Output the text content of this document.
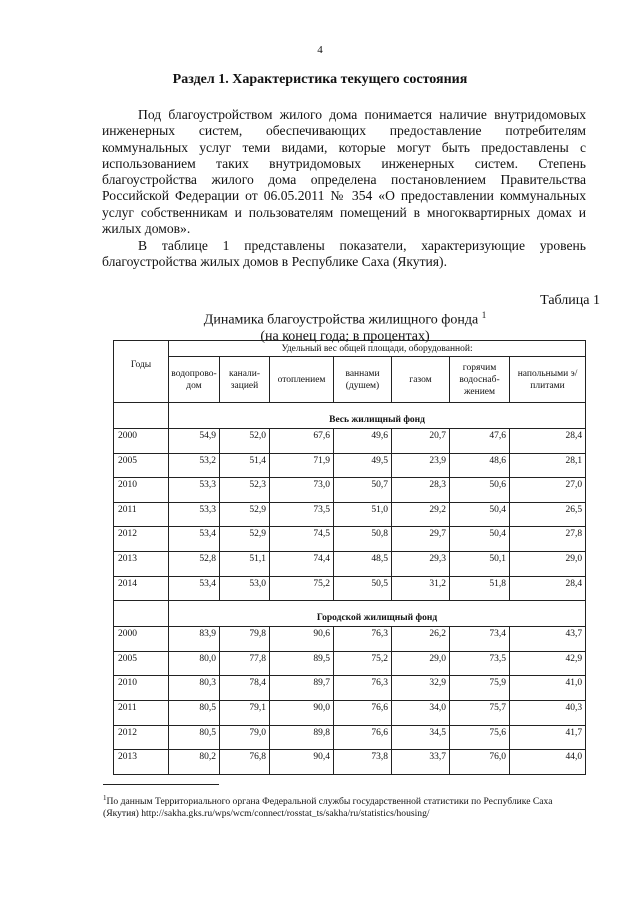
4
Раздел 1. Характеристика текущего состояния

Под благоустройством жилого дома понимается наличие внутридомовых инженерных систем, обеспечивающих предоставление потребителям коммунальных услуг теми видами, которые могут быть предоставлены с использованием таких внутридомовых инженерных систем. Степень благоустройства жилого дома определена постановлением Правительства Российской Федерации от 06.05.2011 № 354 «О предоставлении коммунальных услуг собственникам и пользователям помещений в многоквартирных домах и жилых домов».

В таблице 1 представлены показатели, характеризующие уровень благоустройства жилых домов в Республике Саха (Якутия).

Таблица 1
Динамика благоустройства жилищного фонда $^1$
(на конец года; в процентах)
Годы	Удельный вес общей площади, оборудованной:						
	водопрово-дом	канали-зацией	отоплением	ваннами (душем)	газом	горячим водоснаб-жением	напольными э/плитами
	Весь жилищный фонд						
2000	54,9	52,0	67,6	49,6	20,7	47,6	28,4
2005	53,2	51,4	71,9	49,5	23,9	48,6	28,1
2010	53,3	52,3	73,0	50,7	28,3	50,6	27,0
2011	53,3	52,9	73,5	51,0	29,2	50,4	26,5
2012	53,4	52,9	74,5	50,8	29,7	50,4	27,8
2013	52,8	51,1	74,4	48,5	29,3	50,1	29,0
2014	53,4	53,0	75,2	50,5	31,2	51,8	28,4
	Городской жилищный фонд						
2000	83,9	79,8	90,6	76,3	26,2	73,4	43,7
2005	80,0	77,8	89,5	75,2	29,0	73,5	42,9
2010	80,3	78,4	89,7	76,3	32,9	75,9	41,0
2011	80,5	79,1	90,0	76,6	34,0	75,7	40,3
2012	80,5	79,0	89,8	76,6	34,5	75,6	41,7
2013	80,2	76,8	90,4	73,8	33,7	76,0	44,0

$^1$По данным Территориального органа Федеральной службы государственной статистики по Республике Саха (Якутия) http://sakha.gks.ru/wps/wcm/connect/rosstat_ts/sakha/ru/statistics/housing/
